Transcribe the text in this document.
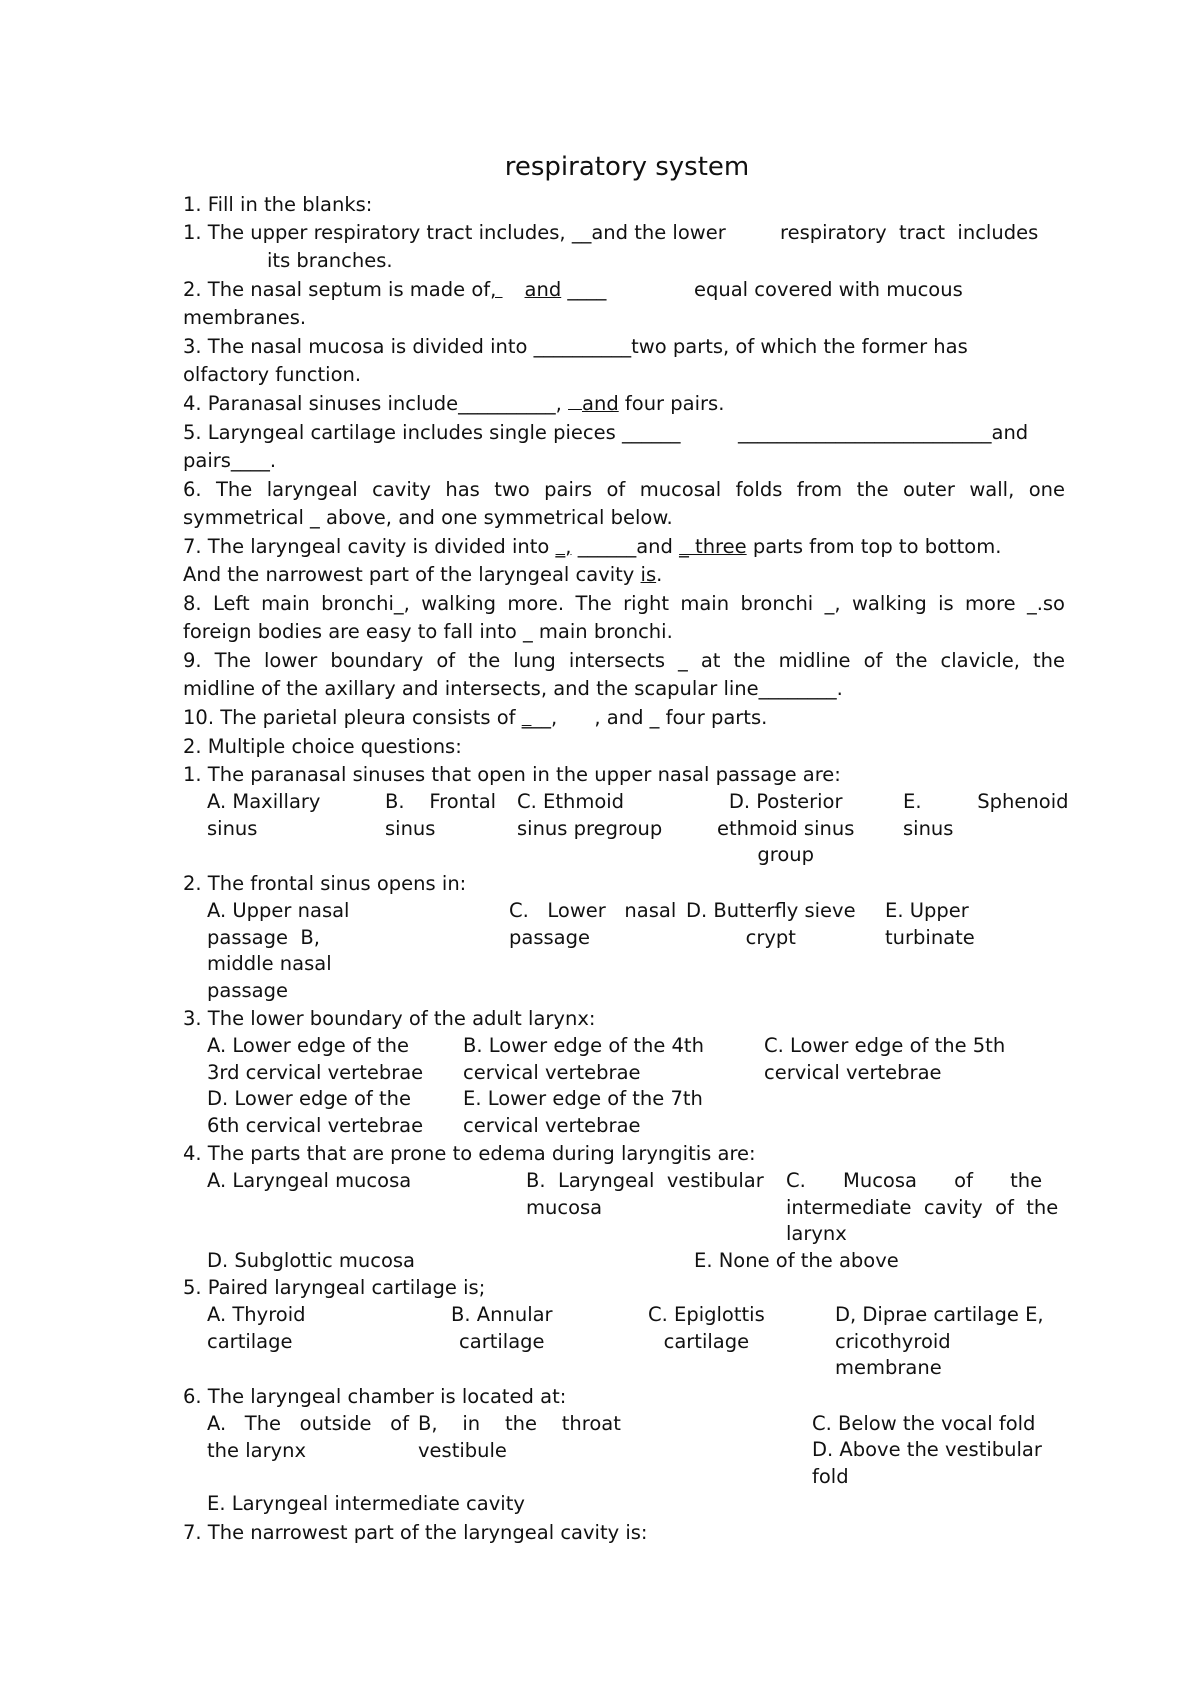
respiratory system
1. Fill in the blanks:
1. The upper respiratory tract includes, __and the lower	respiratory  tract  includes
its branches.
2. The nasal septum is made of, and ____	equal covered with mucous
membranes.
3. The nasal mucosa is divided into __________two parts, of which the former has
olfactory function.
4. Paranasal sinuses include__________, and four pairs.
5. Laryngeal cartilage includes single pieces ______	__________________________and
pairs____.
6. The laryngeal cavity has two pairs of mucosal folds from the outer wall, one
symmetrical _ above, and one symmetrical below.
7. The laryngeal cavity is divided into _, ______and _ three parts from top to bottom.
And the narrowest part of the laryngeal cavity is.
8. Left main bronchi_, walking more. The right main bronchi _, walking is more _.so
foreign bodies are easy to fall into _ main bronchi.
9. The lower boundary of the lung intersects _ at the midline of the clavicle, the
midline of the axillary and intersects, and the scapular line________.
10. The parietal pleura consists of ___,      , and _ four parts.
2. Multiple choice questions:
1. The paranasal sinuses that open in the upper nasal passage are:
A. Maxillary
sinus
B.    Frontal
sinus
C. Ethmoid
sinus pregroup
D. Posterior
ethmoid sinus
group
E.         Sphenoid
sinus
2. The frontal sinus opens in:
A. Upper nasal
passage  B,
middle nasal
passage
C.   Lower   nasal
passage
D. Butterfly sieve
crypt
E. Upper
turbinate
3. The lower boundary of the adult larynx:
A. Lower edge of the
3rd cervical vertebrae
B. Lower edge of the 4th
cervical vertebrae
C. Lower edge of the 5th
cervical vertebrae
D. Lower edge of the
6th cervical vertebrae
E. Lower edge of the 7th
cervical vertebrae
4. The parts that are prone to edema during laryngitis are:
A. Laryngeal mucosa	B.  Laryngeal  vestibular
mucosa
C.      Mucosa      of      the
intermediate  cavity  of  the
larynx
D. Subglottic mucosa	E. None of the above
5. Paired laryngeal cartilage is;
A. Thyroid
cartilage
B. Annular
cartilage
C. Epiglottis
cartilage
D, Diprae cartilage E,
cricothyroid
membrane
6. The laryngeal chamber is located at:
A.   The   outside   of
the larynx
B,    in    the    throat
vestibule
C. Below the vocal fold
D. Above the vestibular
fold
E. Laryngeal intermediate cavity
7. The narrowest part of the laryngeal cavity is:
